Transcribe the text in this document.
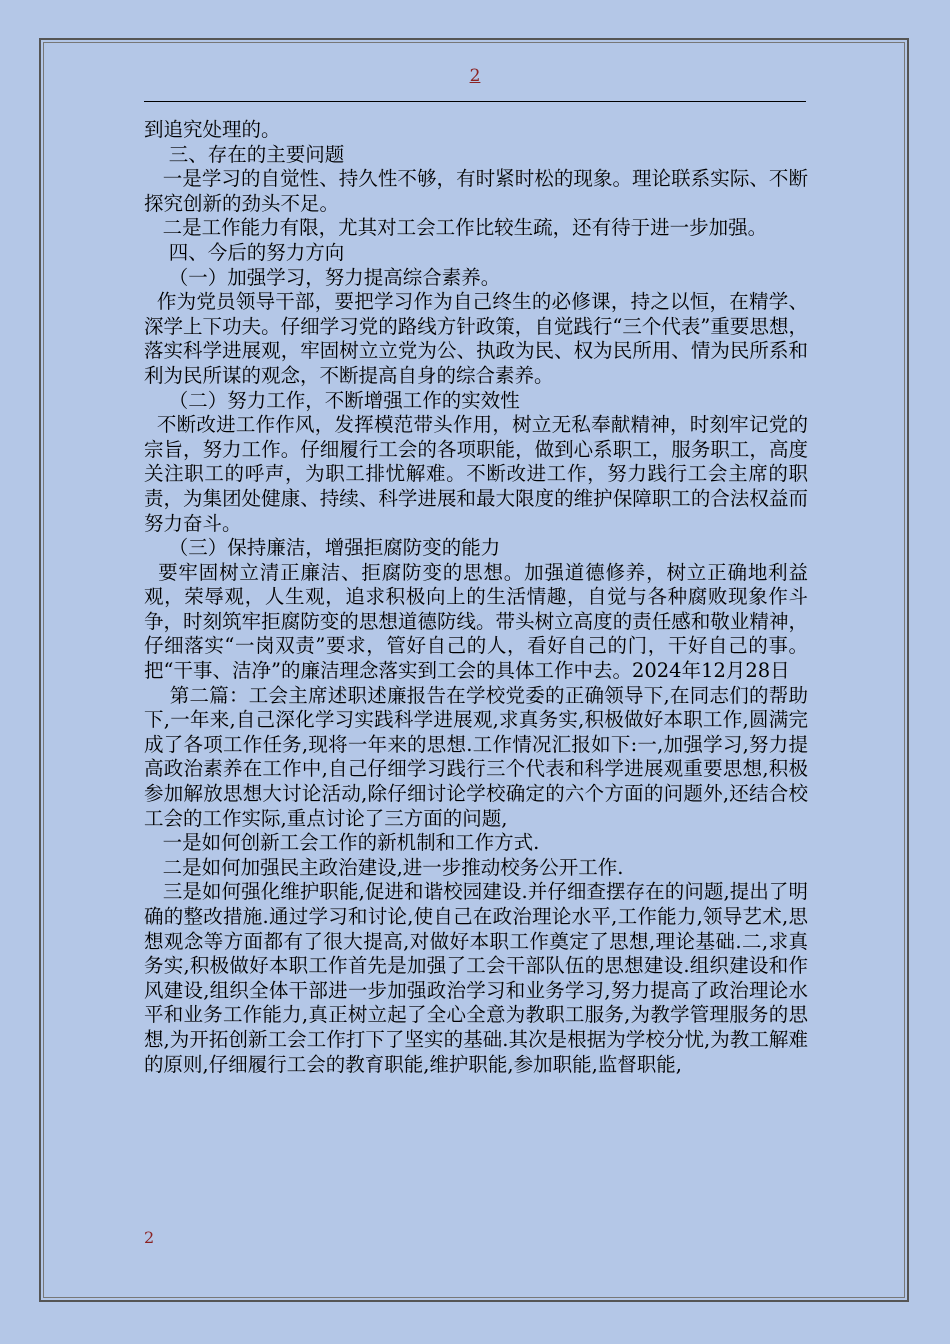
2

到追究处理的。

三、存在的主要问题

一是学习的自觉性、持久性不够，有时紧时松的现象。理论联系实际、不断探究创新的劲头不足。

二是工作能力有限，尤其对工会工作比较生疏，还有待于进一步加强。

四、今后的努力方向

（一）加强学习，努力提高综合素养。

作为党员领导干部，要把学习作为自己终生的必修课，持之以恒，在精学、深学上下功夫。仔细学习党的路线方针政策，自觉践行“三个代表”重要思想，落实科学进展观，牢固树立立党为公、执政为民、权为民所用、情为民所系和利为民所谋的观念，不断提高自身的综合素养。

（二）努力工作，不断增强工作的实效性

不断改进工作作风，发挥模范带头作用，树立无私奉献精神，时刻牢记党的宗旨，努力工作。仔细履行工会的各项职能，做到心系职工，服务职工，高度关注职工的呼声，为职工排忧解难。不断改进工作，努力践行工会主席的职责，为集团处健康、持续、科学进展和最大限度的维护保障职工的合法权益而努力奋斗。

（三）保持廉洁，增强拒腐防变的能力

要牢固树立清正廉洁、拒腐防变的思想。加强道德修养，树立正确地利益观，荣辱观，人生观，追求积极向上的生活情趣，自觉与各种腐败现象作斗争，时刻筑牢拒腐防变的思想道德防线。带头树立高度的责任感和敬业精神，仔细落实“一岗双责”要求，管好自己的人，看好自己的门，干好自己的事。把“干事、洁净”的廉洁理念落实到工会的具体工作中去。2024年12月28日

第二篇：工会主席述职述廉报告在学校党委的正确领导下,在同志们的帮助下,一年来,自己深化学习实践科学进展观,求真务实,积极做好本职工作,圆满完成了各项工作任务,现将一年来的思想.工作情况汇报如下:一,加强学习,努力提高政治素养在工作中,自己仔细学习践行三个代表和科学进展观重要思想,积极参加解放思想大讨论活动,除仔细讨论学校确定的六个方面的问题外,还结合校工会的工作实际,重点讨论了三方面的问题,

一是如何创新工会工作的新机制和工作方式.

二是如何加强民主政治建设,进一步推动校务公开工作.

三是如何强化维护职能,促进和谐校园建设.并仔细查摆存在的问题,提出了明确的整改措施.通过学习和讨论,使自己在政治理论水平,工作能力,领导艺术,思想观念等方面都有了很大提高,对做好本职工作奠定了思想,理论基础.二,求真务实,积极做好本职工作首先是加强了工会干部队伍的思想建设.组织建设和作风建设,组织全体干部进一步加强政治学习和业务学习,努力提高了政治理论水平和业务工作能力,真正树立起了全心全意为教职工服务,为教学管理服务的思想,为开拓创新工会工作打下了坚实的基础.其次是根据为学校分忧,为教工解难的原则,仔细履行工会的教育职能,维护职能,参加职能,监督职能,

2
